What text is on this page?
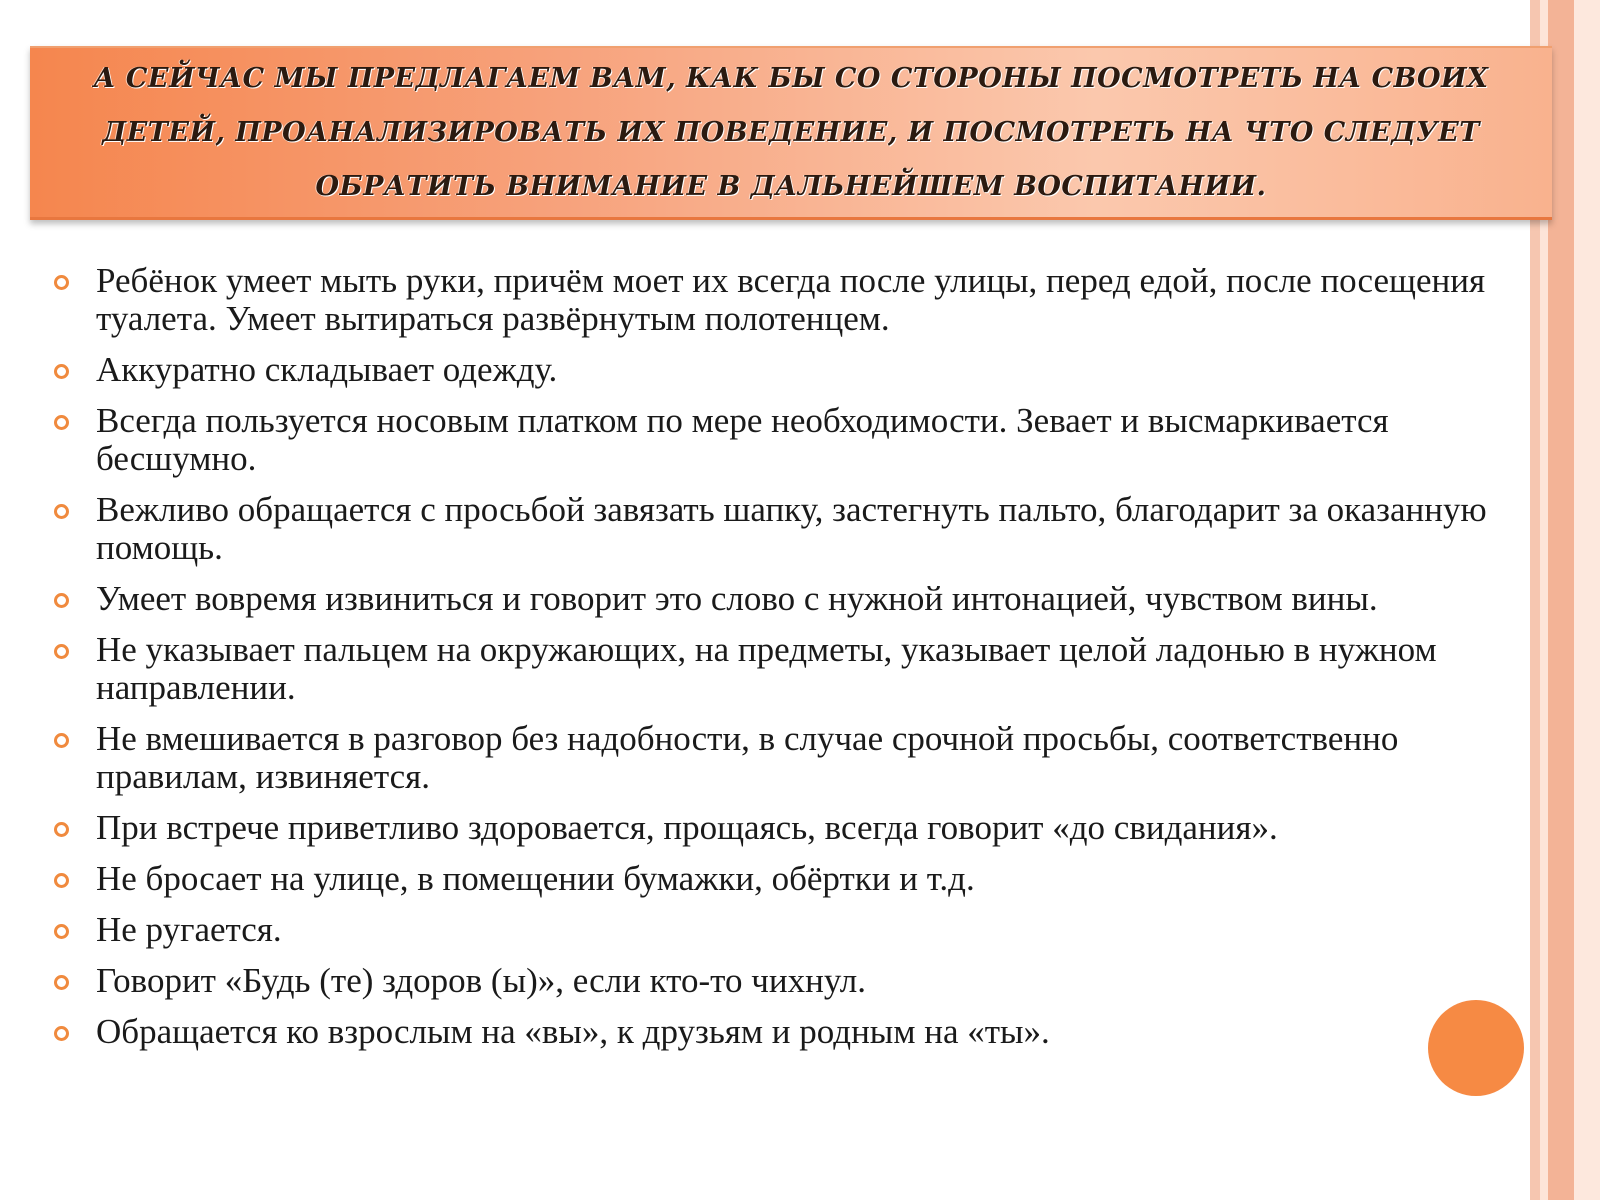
А СЕЙЧАС МЫ ПРЕДЛАГАЕМ ВАМ, КАК БЫ СО СТОРОНЫ ПОСМОТРЕТЬ НА СВОИХ ДЕТЕЙ, ПРОАНАЛИЗИРОВАТЬ ИХ ПОВЕДЕНИЕ, И ПОСМОТРЕТЬ НА ЧТО СЛЕДУЕТ ОБРАТИТЬ ВНИМАНИЕ В ДАЛЬНЕЙШЕМ ВОСПИТАНИИ.

Ребёнок умеет мыть руки, причём моет их всегда после улицы, перед едой, после посещения туалета. Умеет вытираться развёрнутым полотенцем.
Аккуратно складывает одежду.
Всегда пользуется носовым платком по мере необходимости. Зевает и высмаркивается бесшумно.
Вежливо обращается с просьбой завязать шапку, застегнуть пальто, благодарит за оказанную помощь.
Умеет вовремя извиниться и говорит это слово с нужной интонацией, чувством вины.
Не указывает пальцем на окружающих, на предметы, указывает целой ладонью в нужном направлении.
Не вмешивается в разговор без надобности, в случае срочной просьбы, соответственно правилам, извиняется.
При встрече приветливо здоровается, прощаясь, всегда говорит «до свидания».
Не бросает на улице, в помещении бумажки, обёртки и т.д.
Не ругается.
Говорит «Будь (те) здоров (ы)», если кто-то чихнул.
Обращается ко взрослым на «вы», к друзьям и родным на «ты».
